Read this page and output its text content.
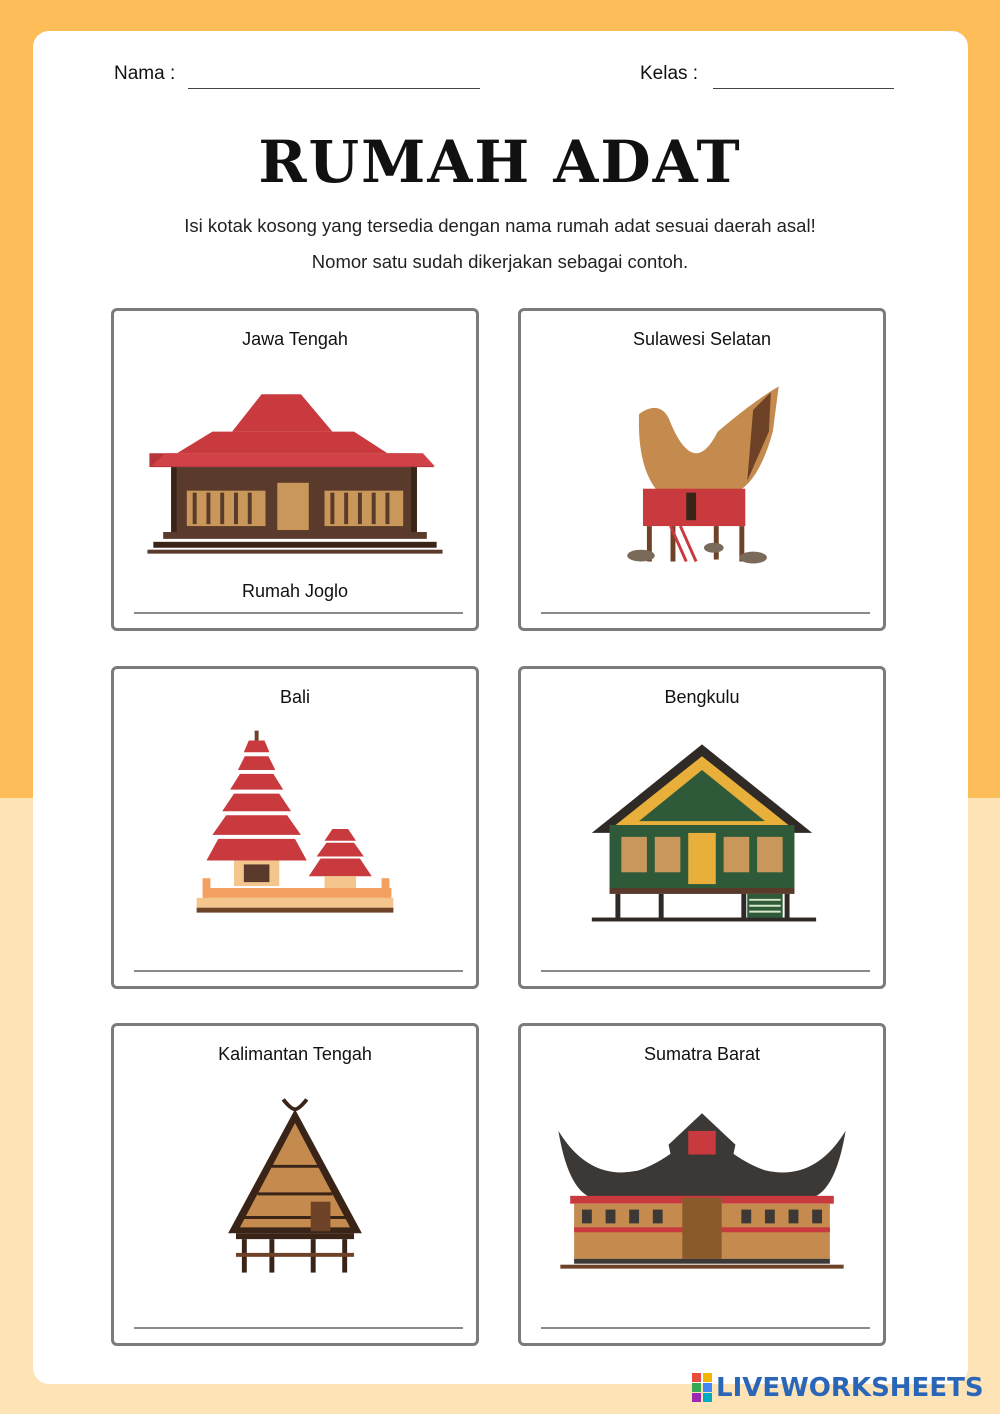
Nama :	Kelas :
RUMAH ADAT
Isi kotak kosong yang tersedia dengan nama rumah adat sesuai daerah asal!
Nomor satu sudah dikerjakan sebagai contoh.
Jawa Tengah
Rumah Joglo
Sulawesi Selatan
Bali	Bengkulu
Kalimantan Tengah	Sumatra Barat
LIVEWORKSHEETS
